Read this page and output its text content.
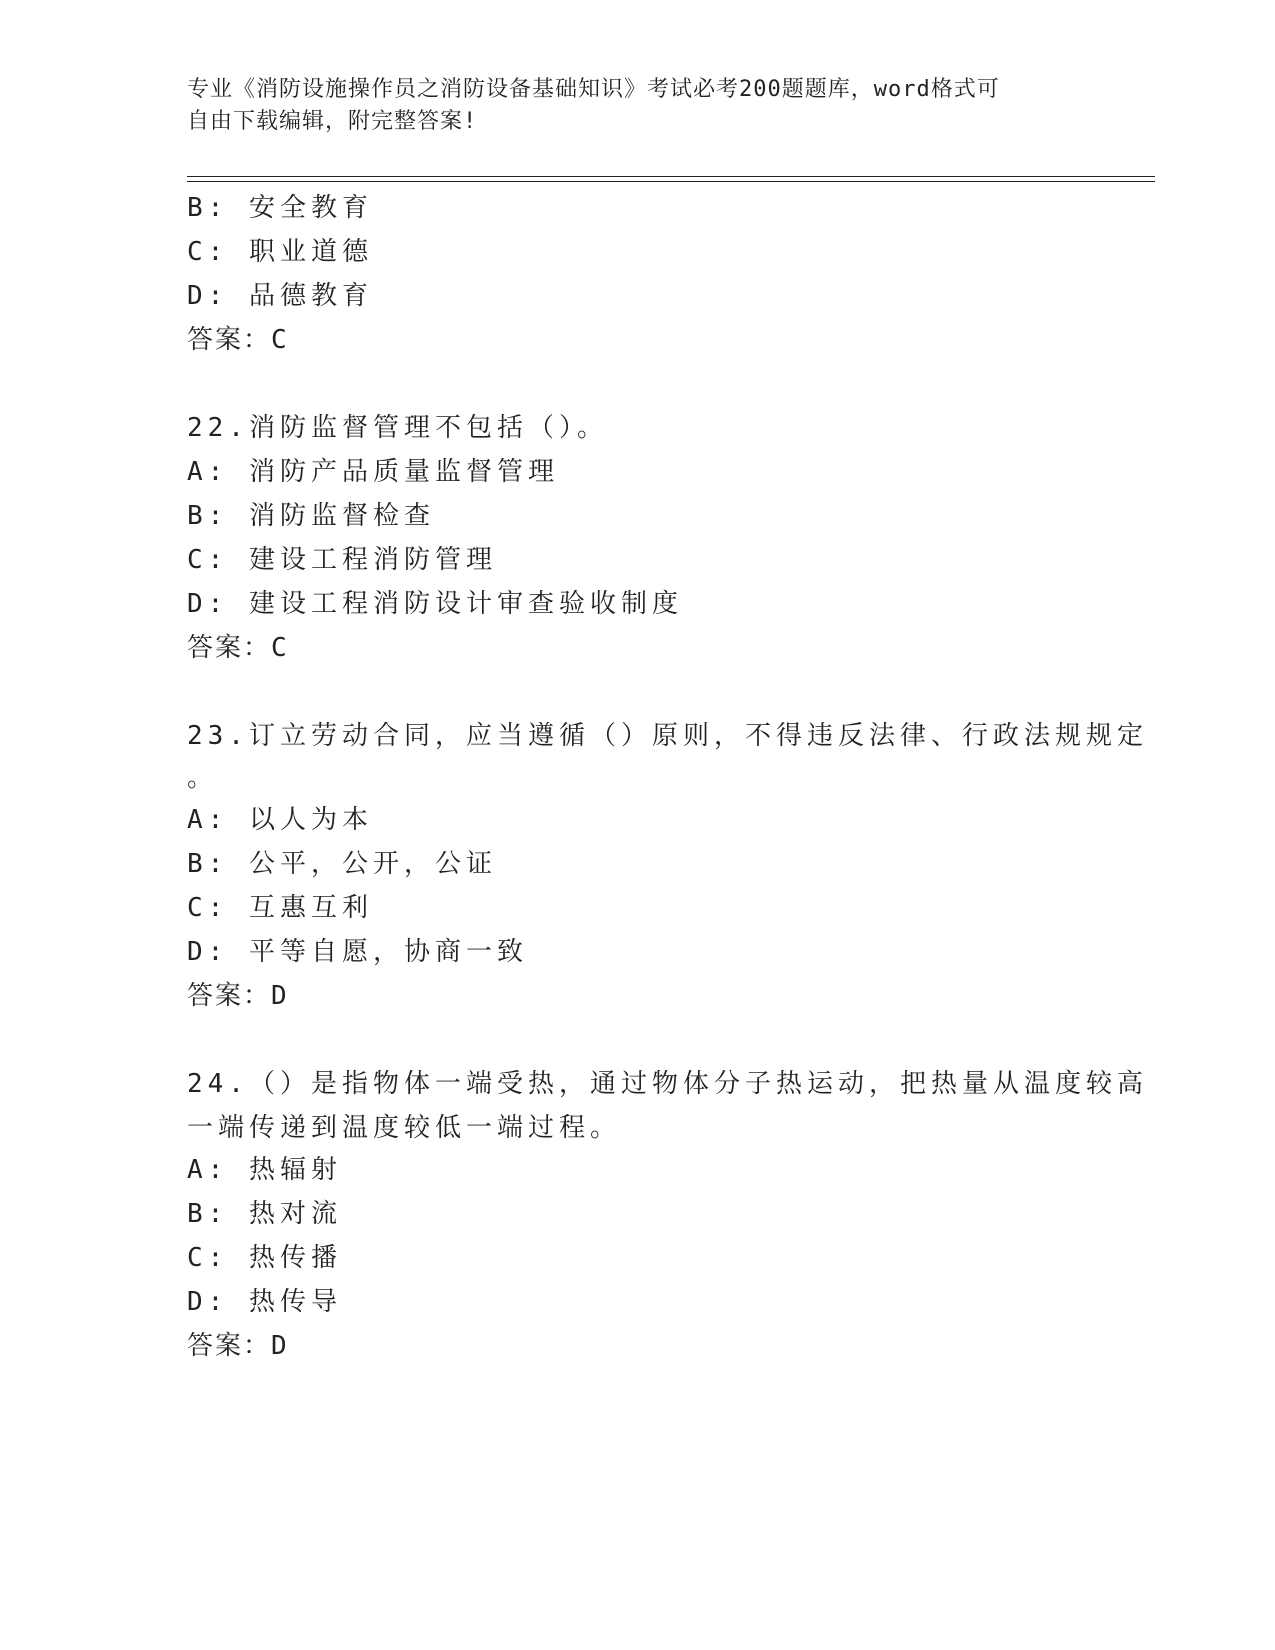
专业《消防设施操作员之消防设备基础知识》考试必考200题题库，word格式可
自由下载编辑，附完整答案!
B: 安全教育
C: 职业道德
D: 品德教育
答案：C
22.消防监督管理不包括（）。
A: 消防产品质量监督管理
B: 消防监督检查
C: 建设工程消防管理
D: 建设工程消防设计审查验收制度
答案：C
23.订立劳动合同，应当遵循（）原则，不得违反法律、行政法规规定
。
A: 以人为本
B: 公平，公开，公证
C: 互惠互利
D: 平等自愿，协商一致
答案：D
24.（）是指物体一端受热，通过物体分子热运动，把热量从温度较高
一端传递到温度较低一端过程。
A: 热辐射
B: 热对流
C: 热传播
D: 热传导
答案：D
